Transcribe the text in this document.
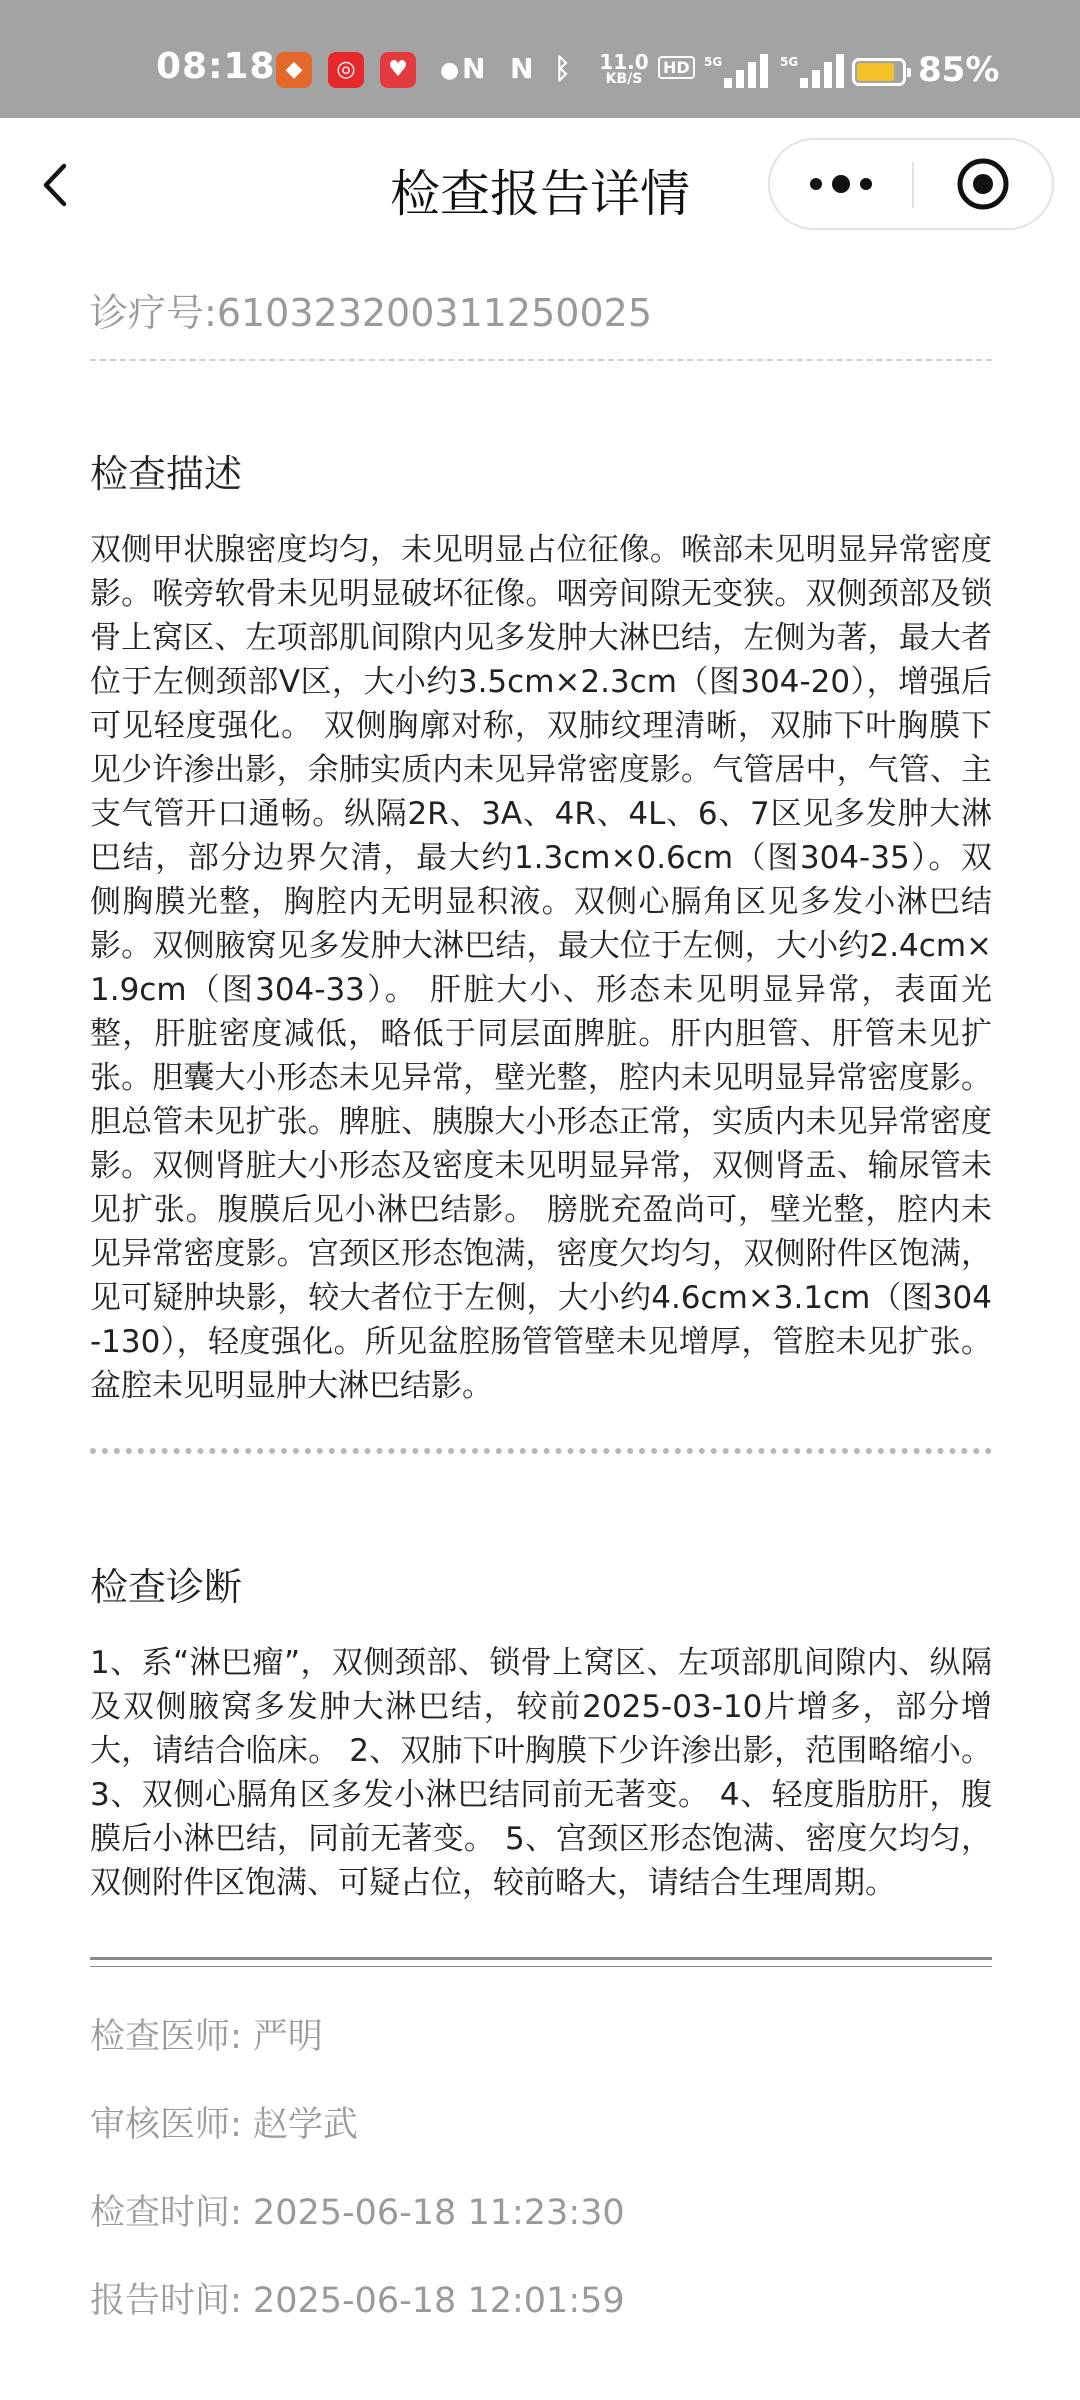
08:18 ◆	◎	♥	● N N ᛒ 11.0
KB/S
HD	5G	5G	85%
检查报告详情
诊疗号:610323200311250025
检查描述
双侧甲状腺密度均匀，未见明显占位征像。喉部未见明显异常密度影。喉旁软骨未见明显破坏征像。咽旁间隙无变狭。双侧颈部及锁骨上窝区、左项部肌间隙内见多发肿大淋巴结，左侧为著，最大者位于左侧颈部V区，大小约3.5cm×2.3cm（图304-20），增强后可见轻度强化。 双侧胸廓对称，双肺纹理清晰，双肺下叶胸膜下见少许渗出影，余肺实质内未见异常密度影。气管居中，气管、主支气管开口通畅。纵隔2R、3A、4R、4L、6、7区见多发肿大淋巴结，部分边界欠清，最大约1.3cm×0.6cm（图304-35）。双侧胸膜光整，胸腔内无明显积液。双侧心膈角区见多发小淋巴结影。双侧腋窝见多发肿大淋巴结，最大位于左侧，大小约2.4cm×1.9cm（图304-33）。 肝脏大小、形态未见明显异常，表面光整，肝脏密度减低，略低于同层面脾脏。肝内胆管、肝管未见扩张。胆囊大小形态未见异常，壁光整，腔内未见明显异常密度影。胆总管未见扩张。脾脏、胰腺大小形态正常，实质内未见异常密度影。双侧肾脏大小形态及密度未见明显异常，双侧肾盂、输尿管未见扩张。腹膜后见小淋巴结影。 膀胱充盈尚可，壁光整，腔内未见异常密度影。宫颈区形态饱满，密度欠均匀，双侧附件区饱满，见可疑肿块影，较大者位于左侧，大小约4.6cm×3.1cm（图304-130），轻度强化。所见盆腔肠管管壁未见增厚，管腔未见扩张。盆腔未见明显肿大淋巴结影。
检查诊断
1、系“淋巴瘤”，双侧颈部、锁骨上窝区、左项部肌间隙内、纵隔及双侧腋窝多发肿大淋巴结，较前2025-03-10片增多，部分增大，请结合临床。 2、双肺下叶胸膜下少许渗出影，范围略缩小。 3、双侧心膈角区多发小淋巴结同前无著变。 4、轻度脂肪肝，腹膜后小淋巴结，同前无著变。 5、宫颈区形态饱满、密度欠均匀，双侧附件区饱满、可疑占位，较前略大，请结合生理周期。
检查医师: 严明
审核医师: 赵学武
检查时间: 2025-06-18 11:23:30
报告时间: 2025-06-18 12:01:59
